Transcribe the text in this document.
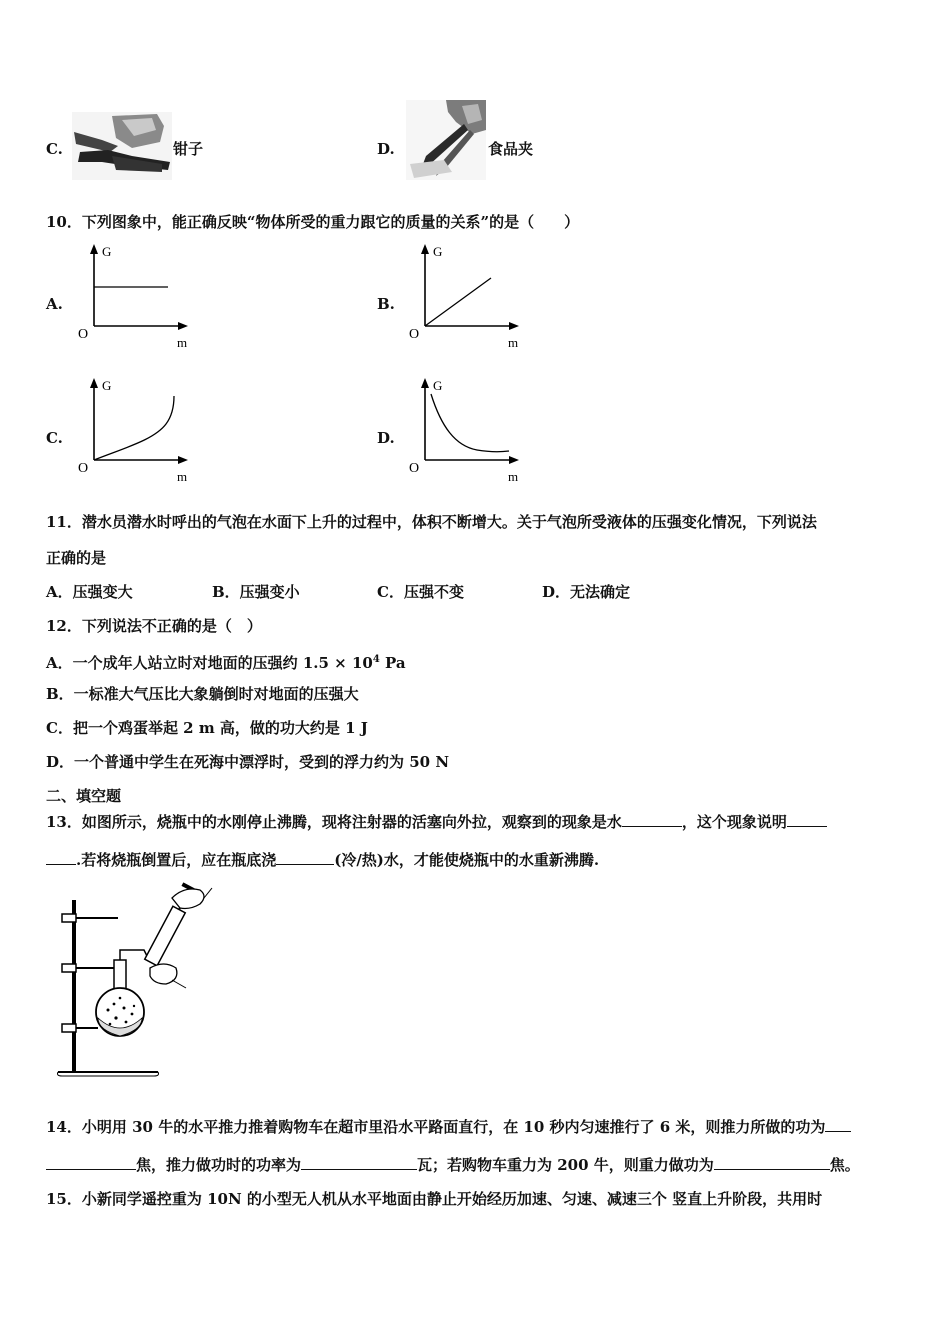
C.	钳子	D.	食品夹
10．下列图象中，能正确反映“物体所受的重力跟它的质量的关系”的是（　　）
A.
G
O
m
B.
G
O
m
C.
G
O
m
D.
G
O
m
11．潜水员潜水时呼出的气泡在水面下上升的过程中，体积不断增大。关于气泡所受液体的压强变化情况，下列说法
正确的是
A．压强变大	B．压强变小	C．压强不变	D．无法确定
12．下列说法不正确的是（　）
A．一个成年人站立时对地面的压强约 $1.5 \times 10^4$ Pa
B．一标准大气压比大象躺倒时对地面的压强大
C．把一个鸡蛋举起 2 m 高，做的功大约是 1 J
D．一个普通中学生在死海中漂浮时，受到的浮力约为 50 N
二、填空题
13．如图所示，烧瓶中的水刚停止沸腾，现将注射器的活塞向外拉，观察到的现象是水	，这个现象说明
.若将烧瓶倒置后，应在瓶底浇	(冷/热)水，才能使烧瓶中的水重新沸腾.
14．小明用 30 牛的水平推力推着购物车在超市里沿水平路面直行，在 10 秒内匀速推行了 6 米，则推力所做的功为
焦，推力做功时的功率为	瓦；若购物车重力为 200 牛，则重力做功为	焦。
15．小新同学遥控重为 10N 的小型无人机从水平地面由静止开始经历加速、匀速、减速三个 竖直上升阶段，共用时
